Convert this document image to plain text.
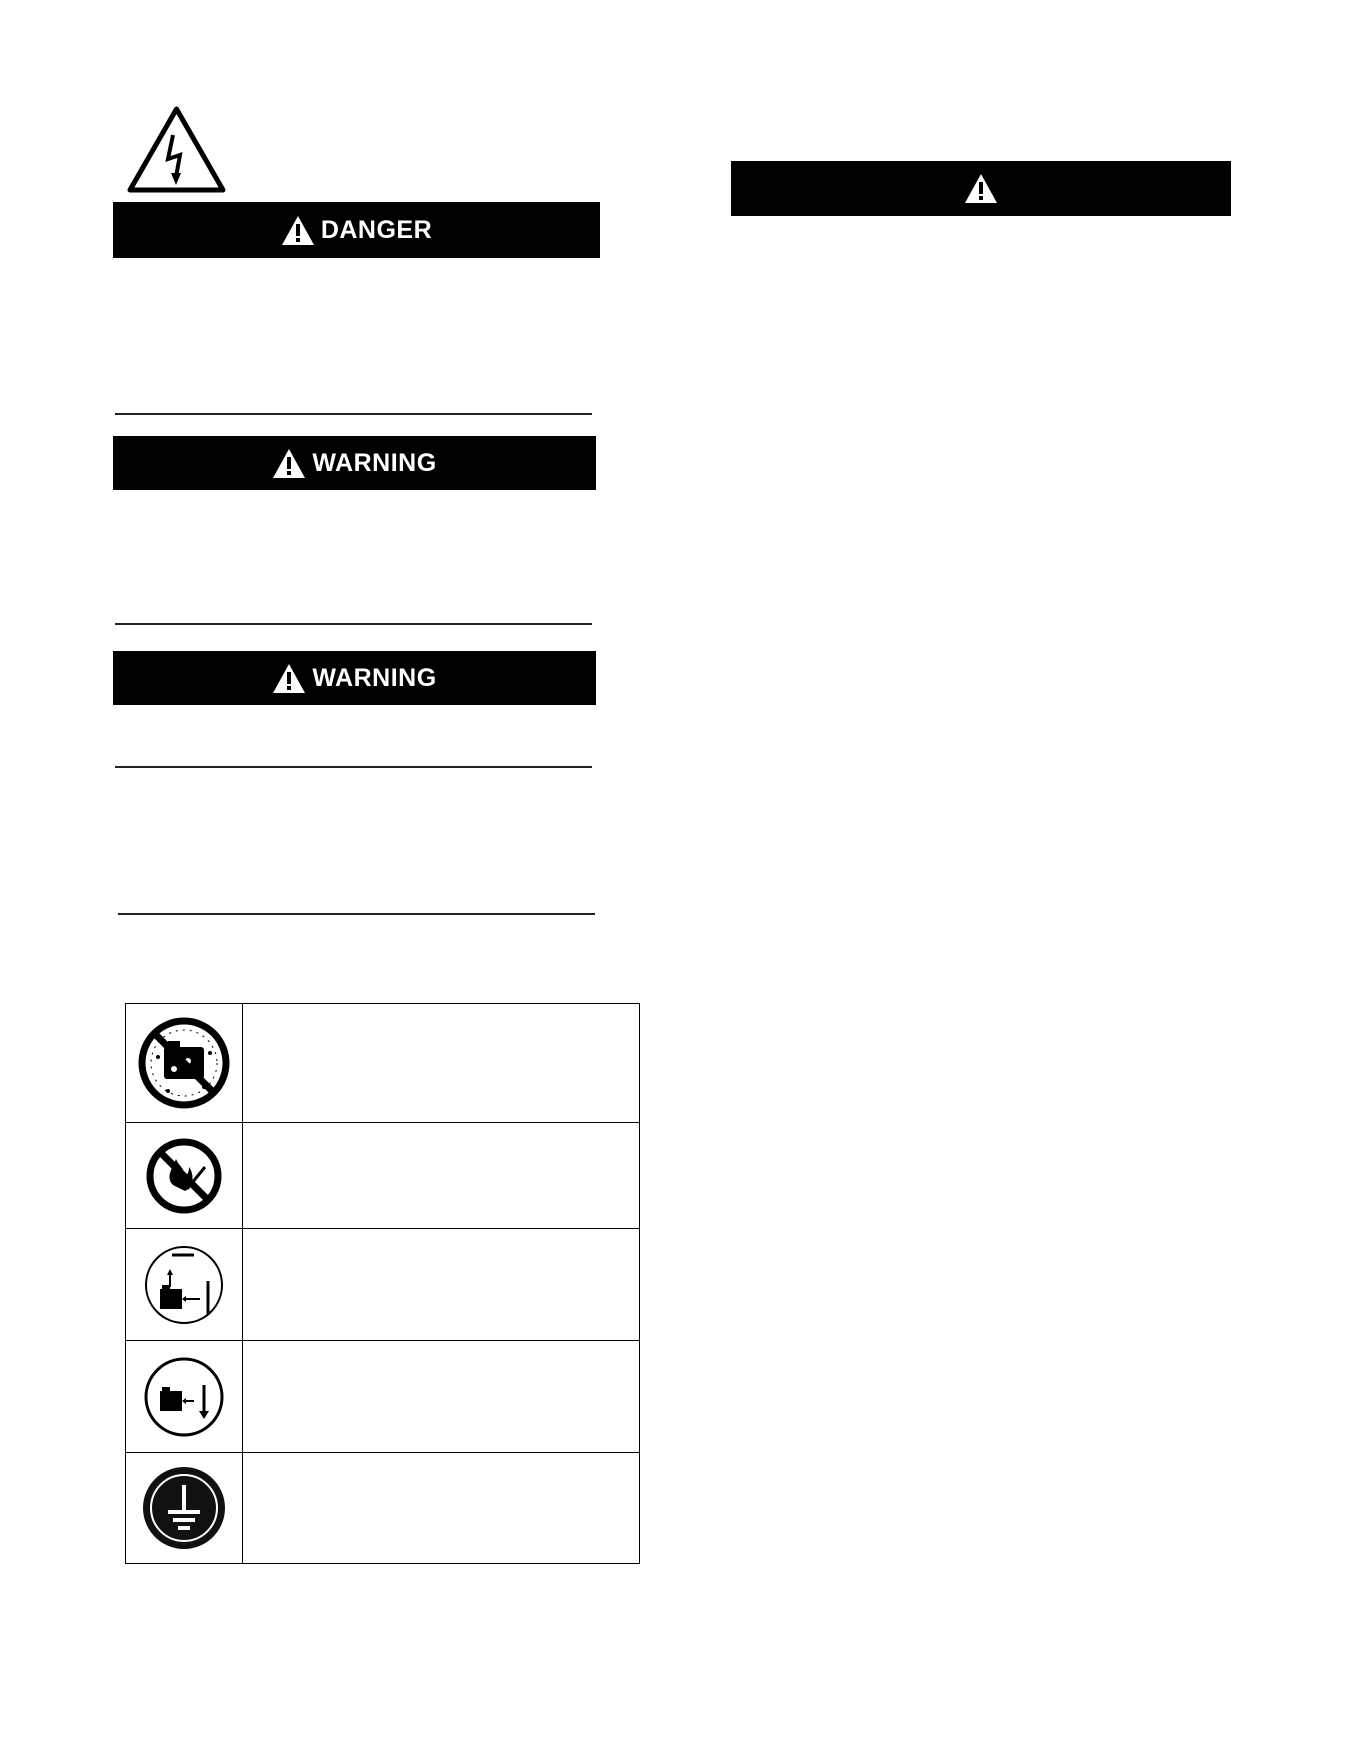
DANGER
WARNING
WARNING
